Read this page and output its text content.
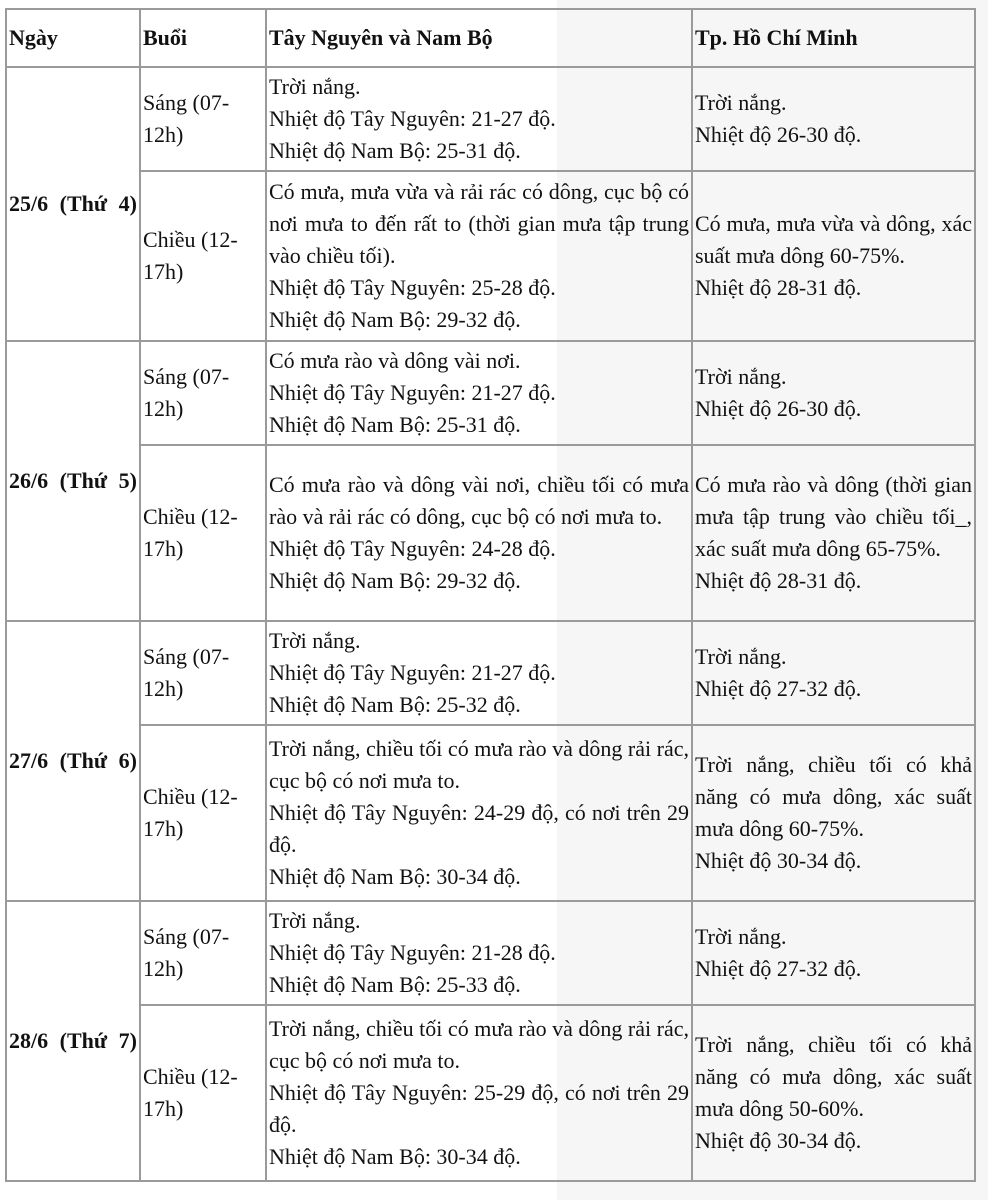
Ngày	Buổi	Tây Nguyên và Nam Bộ	Tp. Hồ Chí Minh
25/6 (Thứ 4)	Sáng (07-12h)	Trời nắng.
Nhiệt độ Tây Nguyên: 21-27 độ.
Nhiệt độ Nam Bộ: 25-31 độ.	Trời nắng.
Nhiệt độ 26-30 độ.

	Chiều (12-17h)	Có mưa, mưa vừa và rải rác có dông, cục bộ có nơi mưa to đến rất to (thời gian mưa tập trung vào chiều tối).
Nhiệt độ Tây Nguyên: 25-28 độ.
Nhiệt độ Nam Bộ: 29-32 độ.	Có mưa, mưa vừa và dông, xác suất mưa dông 60-75%.
Nhiệt độ 28-31 độ.

26/6 (Thứ 5)	Sáng (07-12h)	Có mưa rào và dông vài nơi.
Nhiệt độ Tây Nguyên: 21-27 độ.
Nhiệt độ Nam Bộ: 25-31 độ.	Trời nắng.
Nhiệt độ 26-30 độ.

	Chiều (12-17h)	Có mưa rào và dông vài nơi, chiều tối có mưa rào và rải rác có dông, cục bộ có nơi mưa to.
Nhiệt độ Tây Nguyên: 24-28 độ.
Nhiệt độ Nam Bộ: 29-32 độ.	Có mưa rào và dông (thời gian mưa tập trung vào chiều tối_, xác suất mưa dông 65-75%.
Nhiệt độ 28-31 độ.

27/6 (Thứ 6)	Sáng (07-12h)	Trời nắng.
Nhiệt độ Tây Nguyên: 21-27 độ.
Nhiệt độ Nam Bộ: 25-32 độ.	Trời nắng.
Nhiệt độ 27-32 độ.

	Chiều (12-17h)	Trời nắng, chiều tối có mưa rào và dông rải rác, cục bộ có nơi mưa to.
Nhiệt độ Tây Nguyên: 24-29 độ, có nơi trên 29 độ.
Nhiệt độ Nam Bộ: 30-34 độ.	Trời nắng, chiều tối có khả năng có mưa dông, xác suất mưa dông 60-75%.
Nhiệt độ 30-34 độ.

28/6 (Thứ 7)	Sáng (07-12h)	Trời nắng.
Nhiệt độ Tây Nguyên: 21-28 độ.
Nhiệt độ Nam Bộ: 25-33 độ.	Trời nắng.
Nhiệt độ 27-32 độ.

	Chiều (12-17h)	Trời nắng, chiều tối có mưa rào và dông rải rác, cục bộ có nơi mưa to.
Nhiệt độ Tây Nguyên: 25-29 độ, có nơi trên 29 độ.
Nhiệt độ Nam Bộ: 30-34 độ.	Trời nắng, chiều tối có khả năng có mưa dông, xác suất mưa dông 50-60%.
Nhiệt độ 30-34 độ.
